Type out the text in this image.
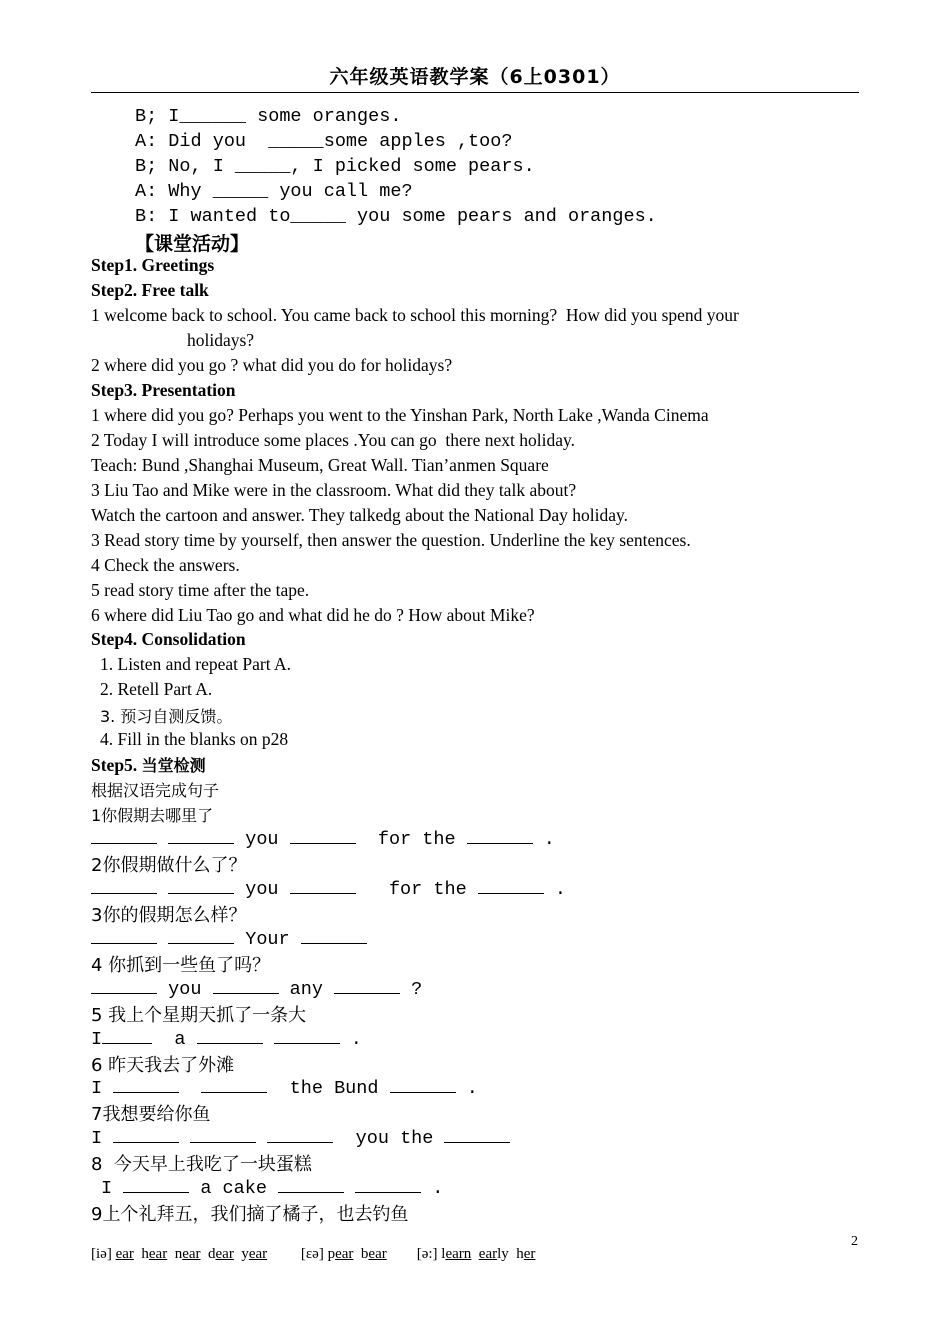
六年级英语教学案（6上0301）
B; I______ some oranges.
A: Did you  _____some apples ,too?
B; No, I _____, I picked some pears.
A: Why _____ you call me?
B: I wanted to_____ you some pears and oranges.
【课堂活动】
Step1. Greetings
Step2. Free talk
1 welcome back to school. You came back to school this morning?  How did you spend your
holidays?
2 where did you go ? what did you do for holidays?
Step3. Presentation
1 where did you go? Perhaps you went to the Yinshan Park, North Lake ,Wanda Cinema
2 Today I will introduce some places .You can go  there next holiday.
Teach: Bund ,Shanghai Museum, Great Wall. Tian’anmen Square
3 Liu Tao and Mike were in the classroom. What did they talk about?
Watch the cartoon and answer. They talkedg about the National Day holiday.
3 Read story time by yourself, then answer the question. Underline the key sentences.
4 Check the answers.
5 read story time after the tape.
6 where did Liu Tao go and what did he do ? How about Mike?
Step4. Consolidation
1. Listen and repeat Part A.
2. Retell Part A.
3. 预习自测反馈。
4. Fill in the blanks on p28
Step5. 当堂检测
根据汉语完成句子
1你假期去哪里了
you	for the	.
2你假期做什么了？
you	for the	.
3你的假期怎么样？
Your
4 你抓到一些鱼了吗？
you	any	?
5 我上个星期天抓了一条大
I	a	.
6 昨天我去了外滩
I	the Bund	.
7我想要给你鱼
I	you the
8  今天早上我吃了一块蛋糕
I	a cake	.
9上个礼拜五，我们摘了橘子，也去钓鱼
2
[iə] ear hear near dear year [ɛə] pear bear [ə:] learn early her
